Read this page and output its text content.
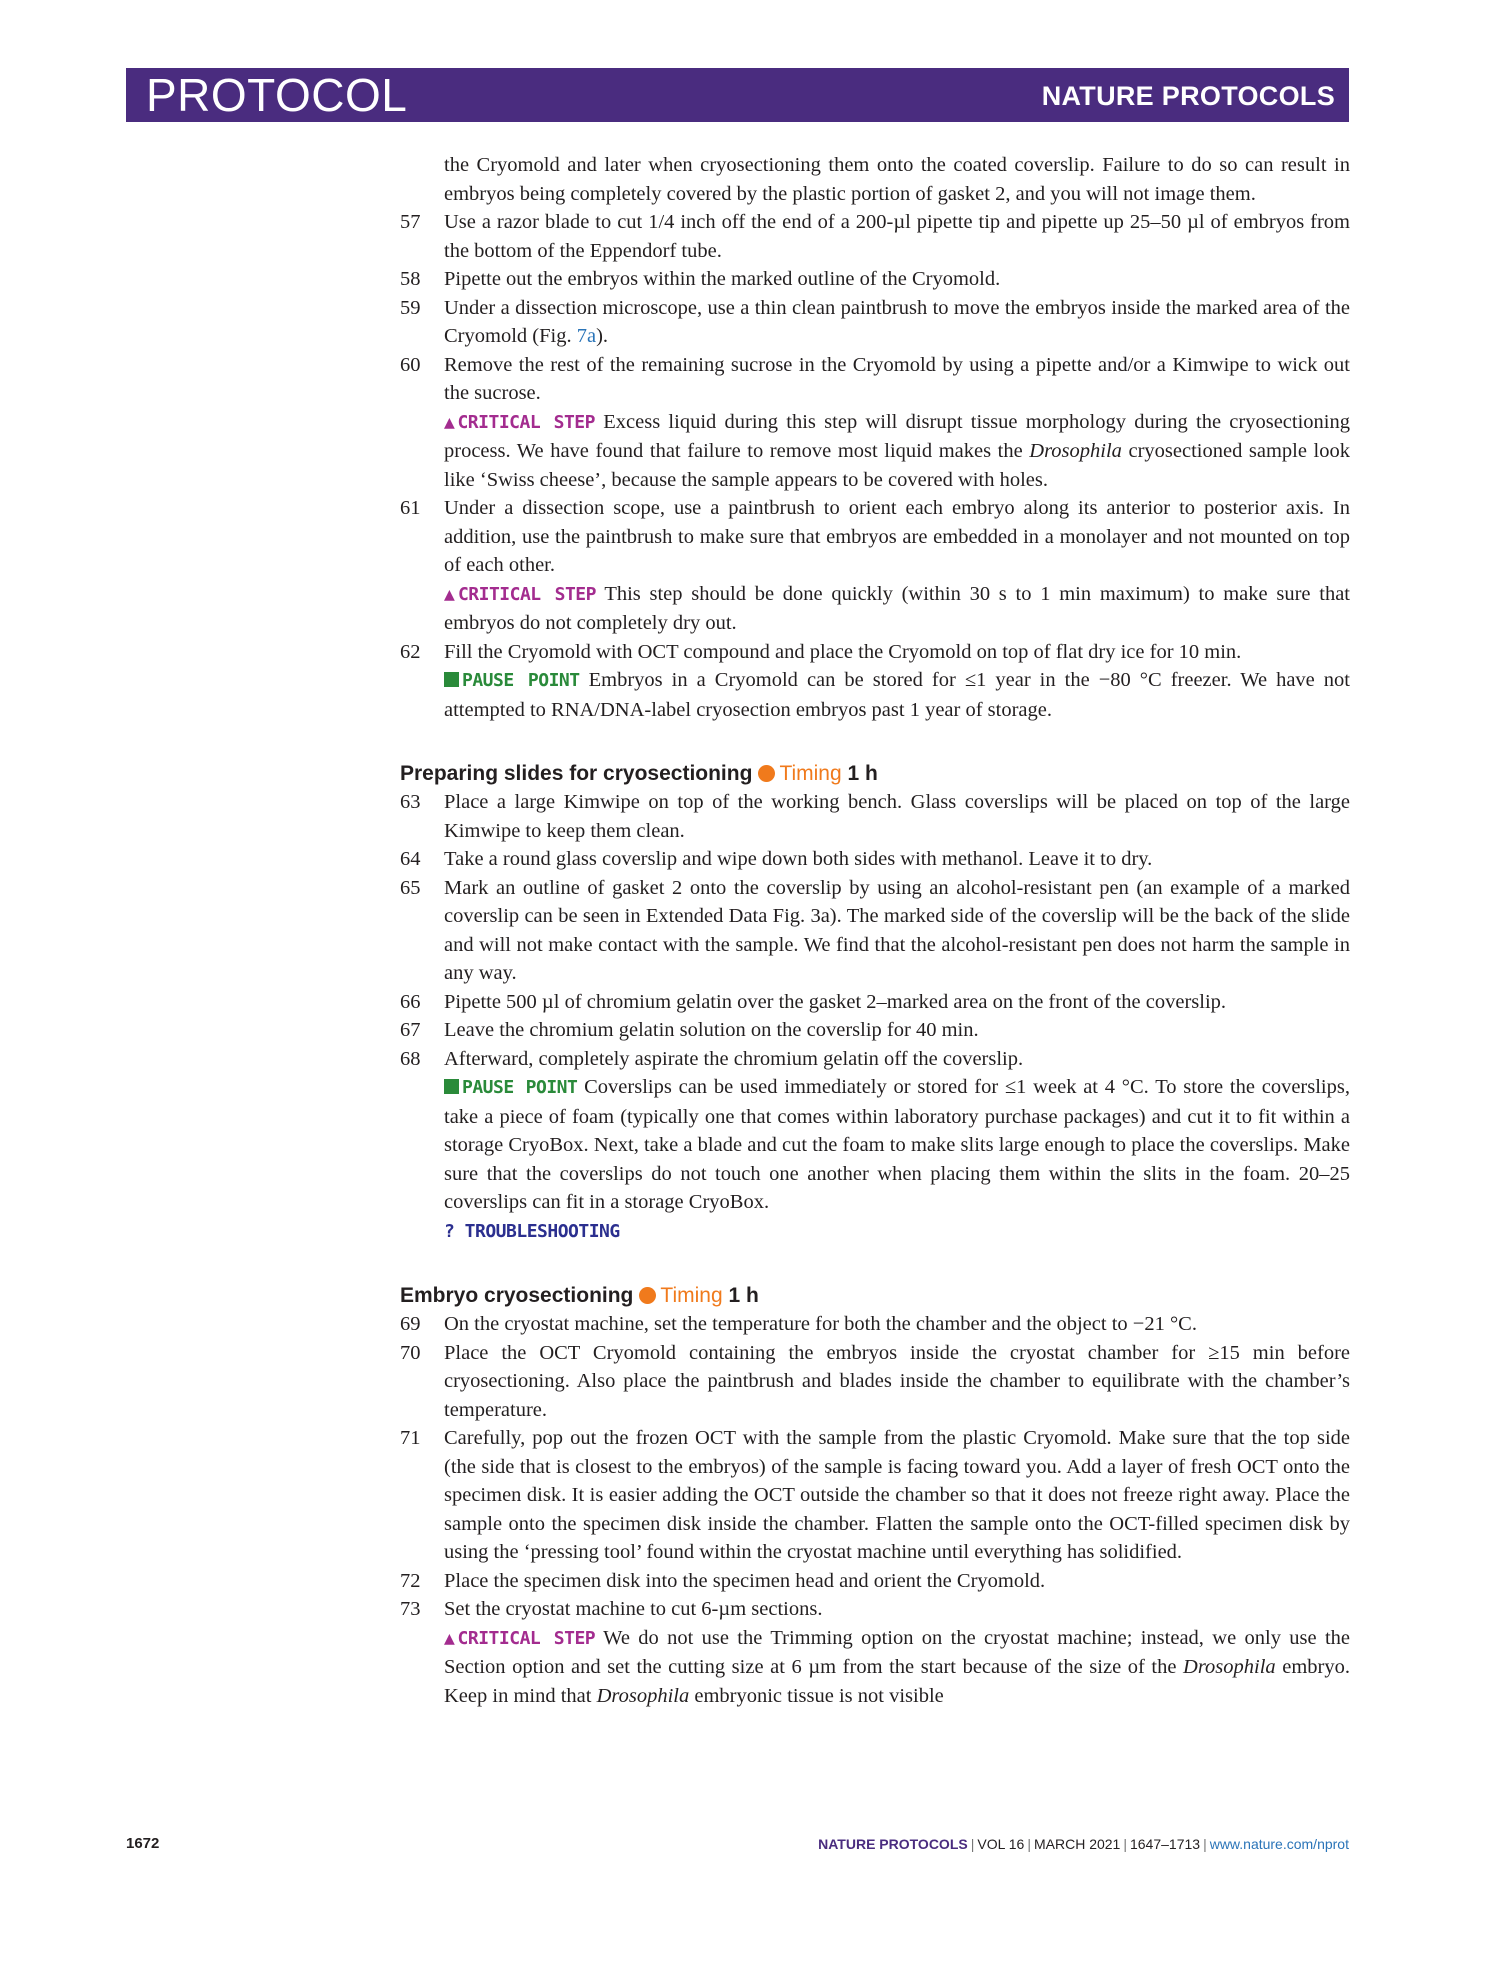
PROTOCOL	NATURE PROTOCOLS
the Cryomold and later when cryosectioning them onto the coated coverslip. Failure to do so can result in embryos being completely covered by the plastic portion of gasket 2, and you will not image them.
57 Use a razor blade to cut 1/4 inch off the end of a 200-µl pipette tip and pipette up 25–50 µl of embryos from the bottom of the Eppendorf tube.
58 Pipette out the embryos within the marked outline of the Cryomold.
59 Under a dissection microscope, use a thin clean paintbrush to move the embryos inside the marked area of the Cryomold (Fig. 7a).
60 Remove the rest of the remaining sucrose in the Cryomold by using a pipette and/or a Kimwipe to wick out the sucrose.
▲CRITICAL STEP Excess liquid during this step will disrupt tissue morphology during the cryosectioning process. We have found that failure to remove most liquid makes the Drosophila cryosectioned sample look like ‘Swiss cheese’, because the sample appears to be covered with holes.
61 Under a dissection scope, use a paintbrush to orient each embryo along its anterior to posterior axis. In addition, use the paintbrush to make sure that embryos are embedded in a monolayer and not mounted on top of each other.
▲CRITICAL STEP This step should be done quickly (within 30 s to 1 min maximum) to make sure that embryos do not completely dry out.
62 Fill the Cryomold with OCT compound and place the Cryomold on top of flat dry ice for 10 min.
PAUSE POINT Embryos in a Cryomold can be stored for ≤1 year in the −80 °C freezer. We have not attempted to RNA/DNA-label cryosection embryos past 1 year of storage.
Preparing slides for cryosectioning Timing 1 h
63 Place a large Kimwipe on top of the working bench. Glass coverslips will be placed on top of the large Kimwipe to keep them clean.
64 Take a round glass coverslip and wipe down both sides with methanol. Leave it to dry.
65 Mark an outline of gasket 2 onto the coverslip by using an alcohol-resistant pen (an example of a marked coverslip can be seen in Extended Data Fig. 3a). The marked side of the coverslip will be the back of the slide and will not make contact with the sample. We find that the alcohol-resistant pen does not harm the sample in any way.
66 Pipette 500 µl of chromium gelatin over the gasket 2–marked area on the front of the coverslip.
67 Leave the chromium gelatin solution on the coverslip for 40 min.
68 Afterward, completely aspirate the chromium gelatin off the coverslip.
PAUSE POINT Coverslips can be used immediately or stored for ≤1 week at 4 °C. To store the coverslips, take a piece of foam (typically one that comes within laboratory purchase packages) and cut it to fit within a storage CryoBox. Next, take a blade and cut the foam to make slits large enough to place the coverslips. Make sure that the coverslips do not touch one another when placing them within the slits in the foam. 20–25 coverslips can fit in a storage CryoBox.
? TROUBLESHOOTING
Embryo cryosectioning Timing 1 h
69 On the cryostat machine, set the temperature for both the chamber and the object to −21 °C.
70 Place the OCT Cryomold containing the embryos inside the cryostat chamber for ≥15 min before cryosectioning. Also place the paintbrush and blades inside the chamber to equilibrate with the chamber’s temperature.
71 Carefully, pop out the frozen OCT with the sample from the plastic Cryomold. Make sure that the top side (the side that is closest to the embryos) of the sample is facing toward you. Add a layer of fresh OCT onto the specimen disk. It is easier adding the OCT outside the chamber so that it does not freeze right away. Place the sample onto the specimen disk inside the chamber. Flatten the sample onto the OCT-filled specimen disk by using the ‘pressing tool’ found within the cryostat machine until everything has solidified.
72 Place the specimen disk into the specimen head and orient the Cryomold.
73 Set the cryostat machine to cut 6-µm sections.
▲CRITICAL STEP We do not use the Trimming option on the cryostat machine; instead, we only use the Section option and set the cutting size at 6 µm from the start because of the size of the Drosophila embryo. Keep in mind that Drosophila embryonic tissue is not visible
1672	NATURE PROTOCOLS | VOL 16 | MARCH 2021 | 1647–1713 | www.nature.com/nprot
